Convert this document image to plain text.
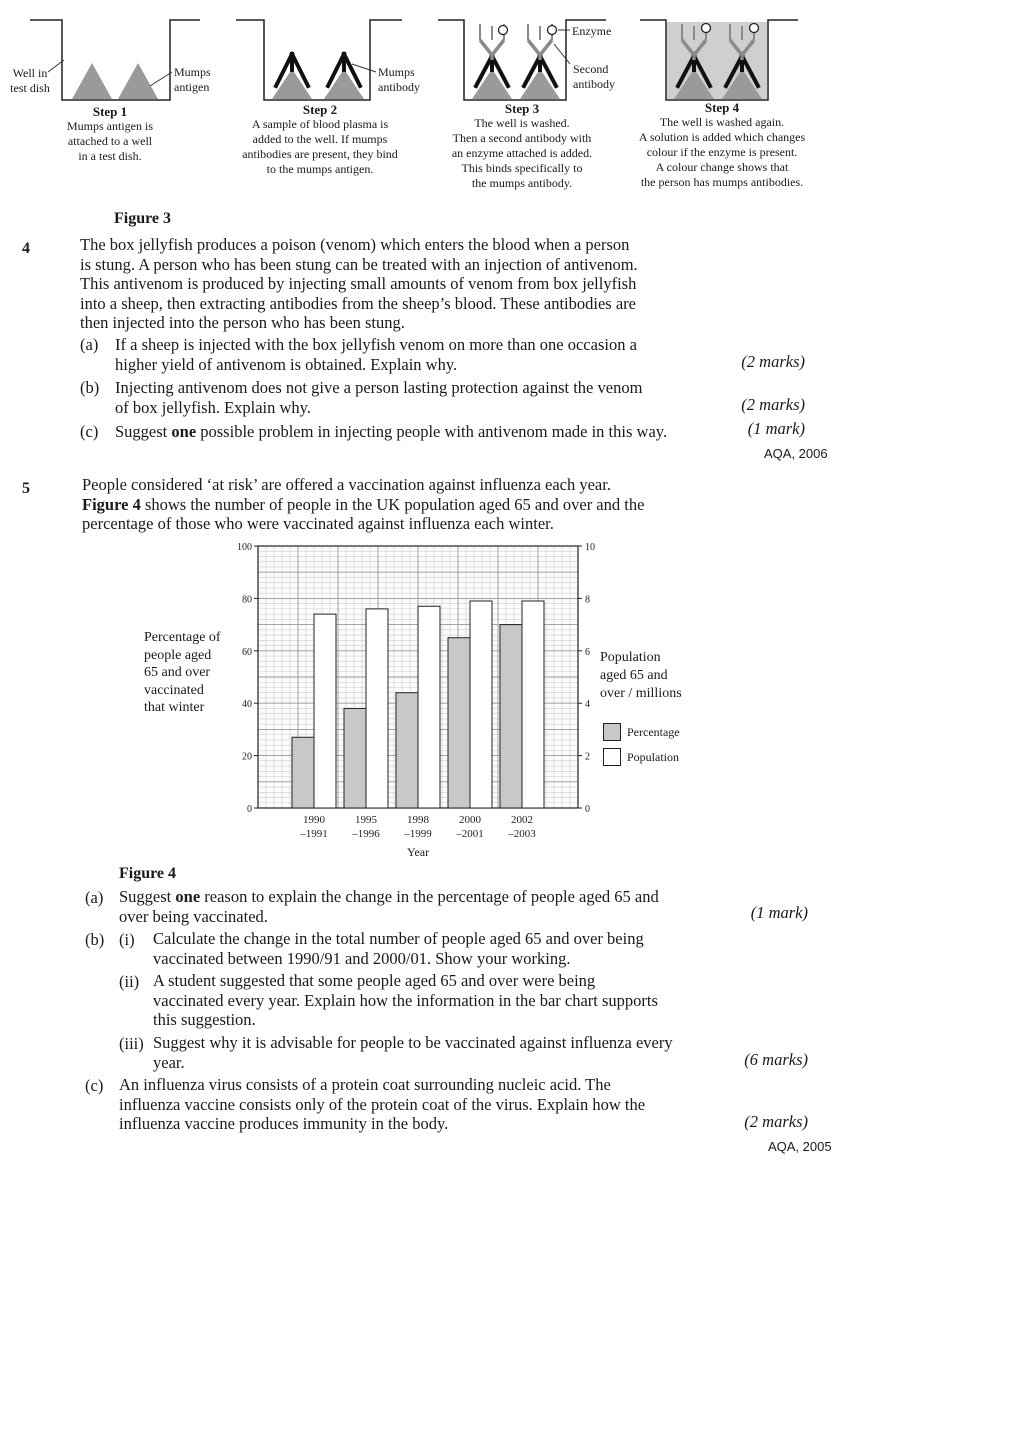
Well in
test dish
Mumps
antigen
Mumps
antibody
Enzyme
Second
antibody
Step 1
Mumps antigen is
attached to a well
in a test dish.
Step 2
A sample of blood plasma is
added to the well. If mumps
antibodies are present, they bind
to the mumps antigen.
Step 3
The well is washed.
Then a second antibody with
an enzyme attached is added.
This binds specifically to
the mumps antibody.
Step 4
The well is washed again.
A solution is added which changes
colour if the enzyme is present.
A colour change shows that
the person has mumps antibodies.
Figure 3
4	The box jellyfish produces a poison (venom) which enters the blood when a person
is stung. A person who has been stung can be treated with an injection of antivenom.
This antivenom is produced by injecting small amounts of venom from box jellyfish
into a sheep, then extracting antibodies from the sheep’s blood. These antibodies are
then injected into the person who has been stung.
(a) If a sheep is injected with the box jellyfish venom on more than one occasion a
higher yield of antivenom is obtained. Explain why.	(2 marks)
(b) Injecting antivenom does not give a person lasting protection against the venom
of box jellyfish. Explain why.	(2 marks)
(c) Suggest one possible problem in injecting people with antivenom made in this way.	(1 mark)
AQA, 2006
5	People considered ‘at risk’ are offered a vaccination against influenza each year.
Figure 4 shows the number of people in the UK population aged 65 and over and the
percentage of those who were vaccinated against influenza each winter.
0
20
40
60
80
100
0
2
4
6
8
10
1990
–1991
1995
–1996
1998
–1999
2000
–2001
2002
–2003
Percentage of
people aged
65 and over
vaccinated
that winter
Population
aged 65 and
over / millions
Percentage
Population
Year
Figure 4
(a) Suggest one reason to explain the change in the percentage of people aged 65 and
over being vaccinated.	(1 mark)
(b) (i) Calculate the change in the total number of people aged 65 and over being
vaccinated between 1990/91 and 2000/01. Show your working.
(ii) A student suggested that some people aged 65 and over were being
vaccinated every year. Explain how the information in the bar chart supports
this suggestion.
(iii) Suggest why it is advisable for people to be vaccinated against influenza every
year.	(6 marks)
(c) An influenza virus consists of a protein coat surrounding nucleic acid. The
influenza vaccine consists only of the protein coat of the virus. Explain how the
influenza vaccine produces immunity in the body.	(2 marks)
AQA, 2005
